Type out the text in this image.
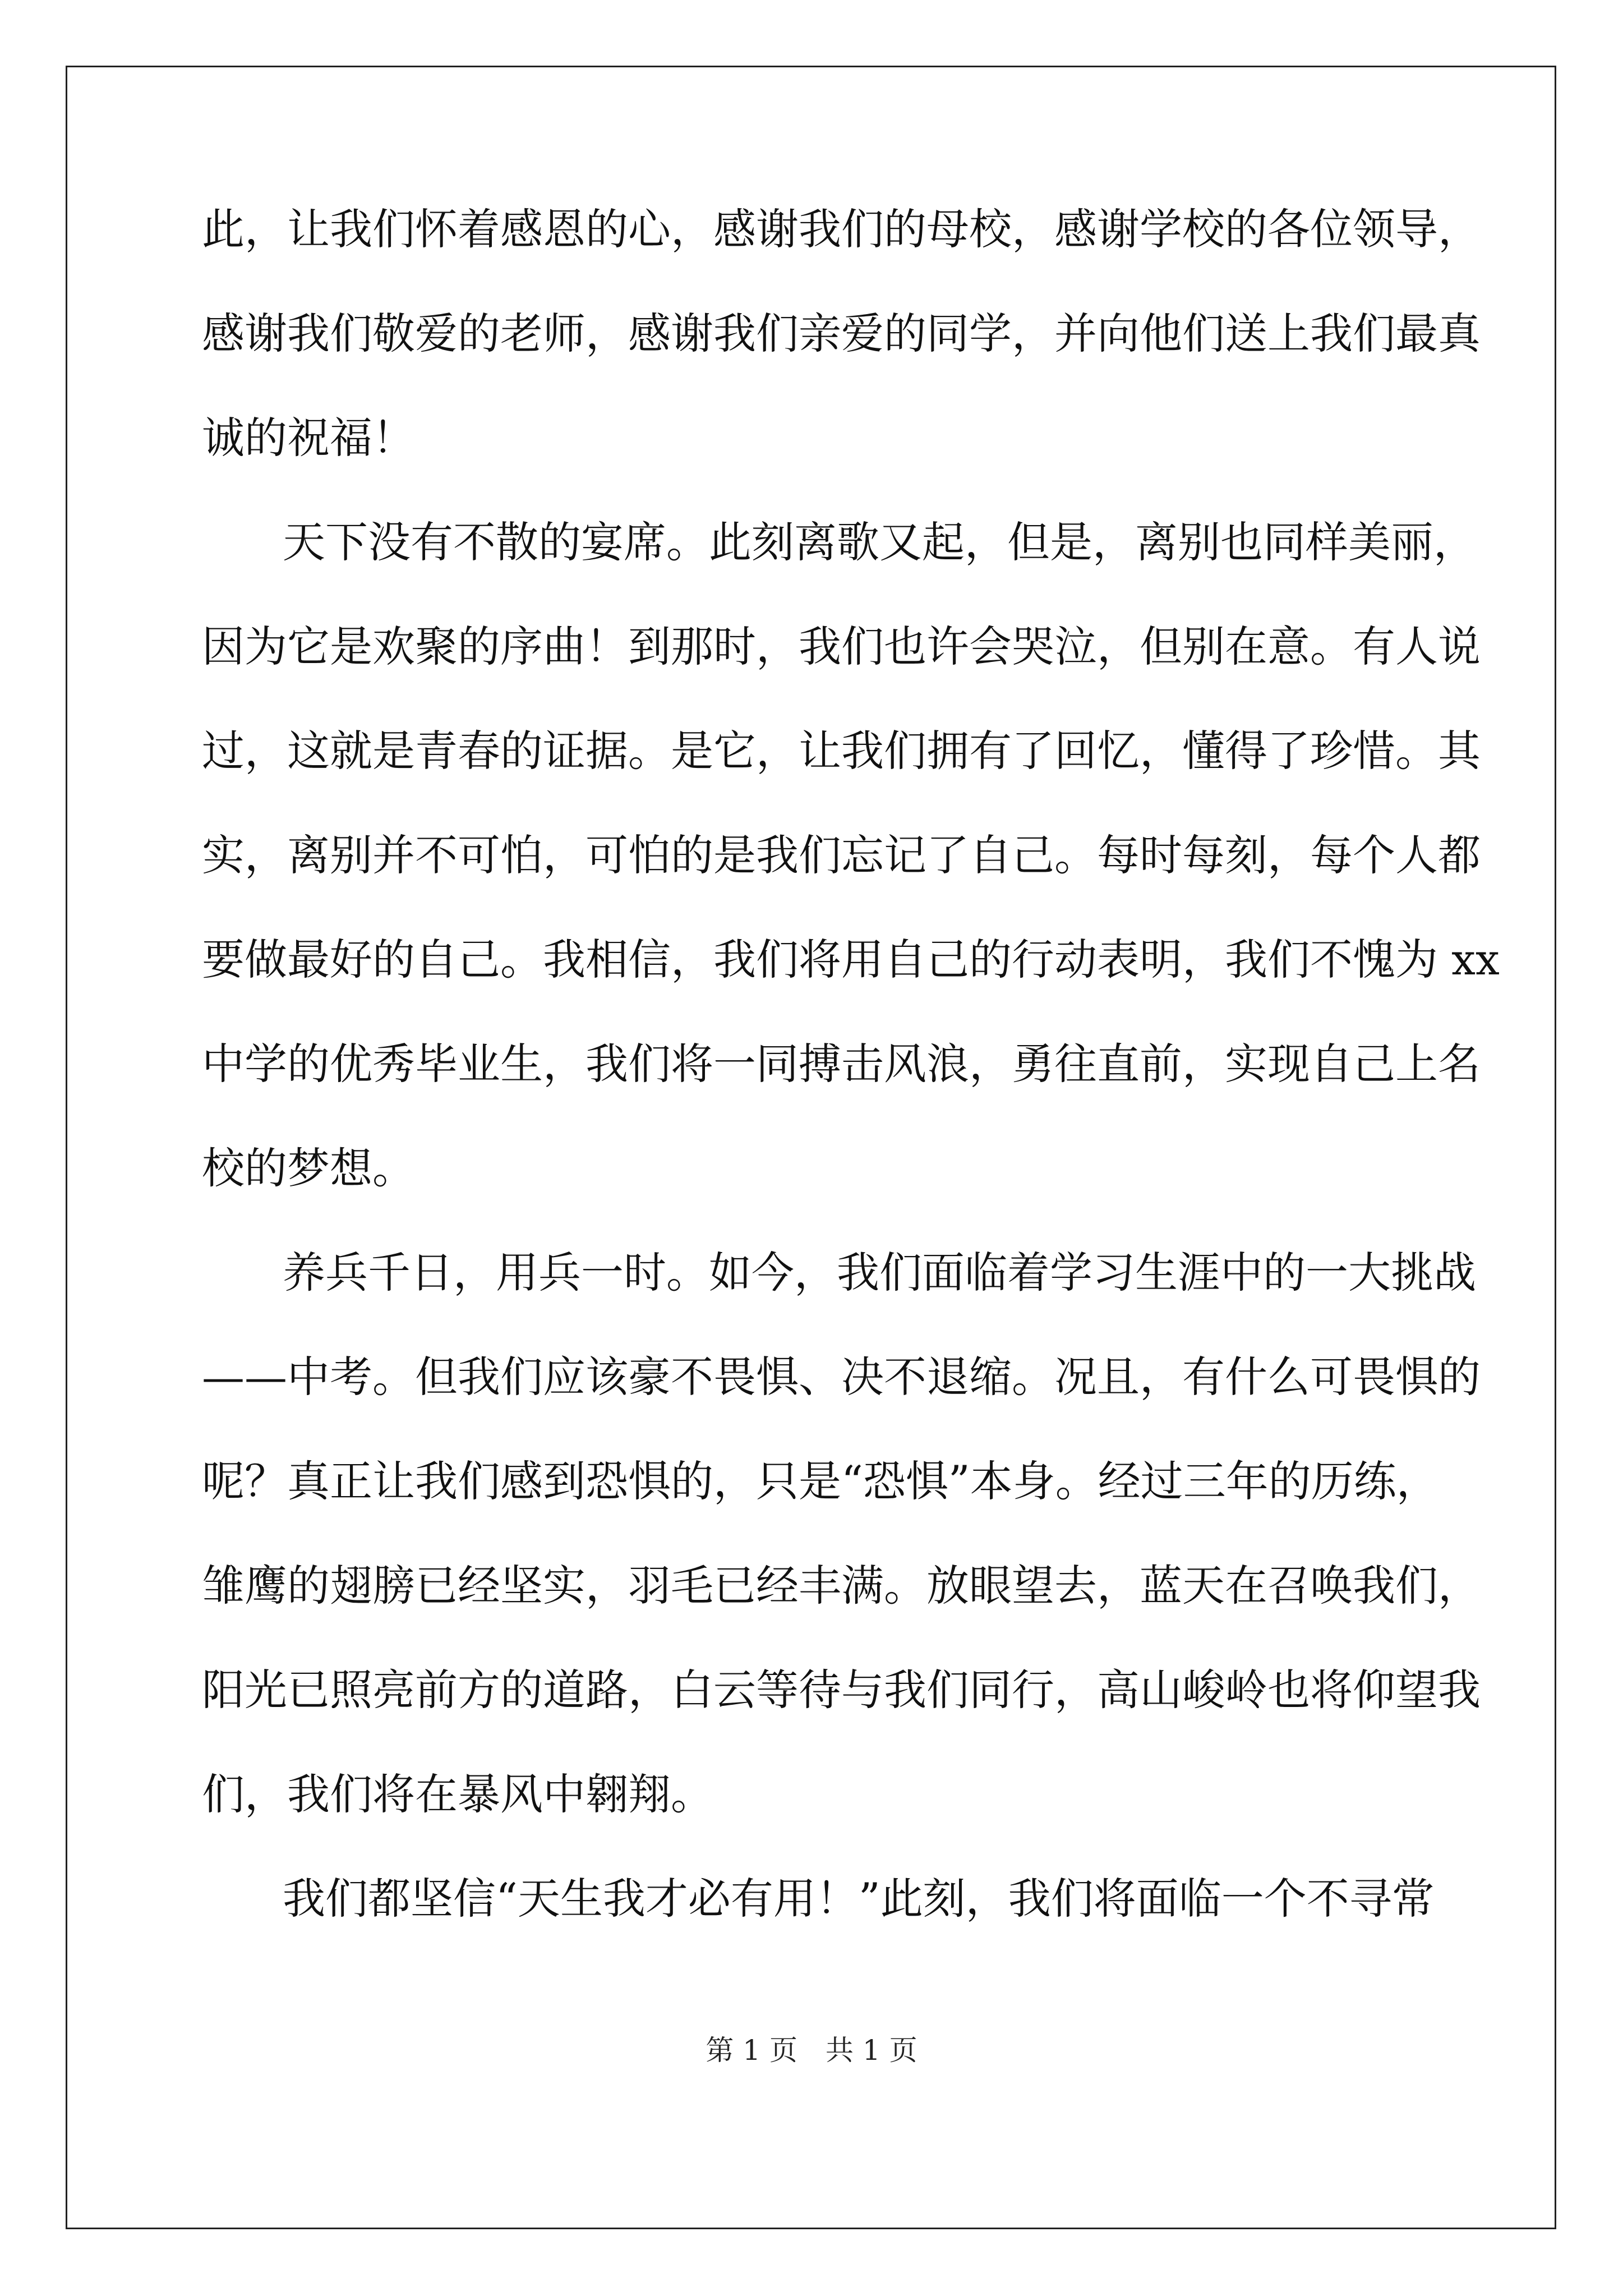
此，让我们怀着感恩的心，感谢我们的母校，感谢学校的各位领导，
感谢我们敬爱的老师，感谢我们亲爱的同学，并向他们送上我们最真
诚的祝福！
天下没有不散的宴席。此刻离歌又起，但是，离别也同样美丽，
因为它是欢聚的序曲！到那时，我们也许会哭泣，但别在意。有人说
过，这就是青春的证据。是它，让我们拥有了回忆，懂得了珍惜。其
实，离别并不可怕，可怕的是我们忘记了自己。每时每刻，每个人都
要做最好的自己。我相信，我们将用自己的行动表明，我们不愧为 xx
中学的优秀毕业生，我们将一同搏击风浪，勇往直前，实现自己上名
校的梦想。
养兵千日，用兵一时。如今，我们面临着学习生涯中的一大挑战
——中考。但我们应该豪不畏惧、决不退缩。况且，有什么可畏惧的
呢？真正让我们感到恐惧的，只是“恐惧”本身。经过三年的历练，
雏鹰的翅膀已经坚实，羽毛已经丰满。放眼望去，蓝天在召唤我们，
阳光已照亮前方的道路，白云等待与我们同行，高山峻岭也将仰望我
们，我们将在暴风中翱翔。
我们都坚信“天生我才必有用！”此刻，我们将面临一个不寻常
第 1 页　共 1 页
